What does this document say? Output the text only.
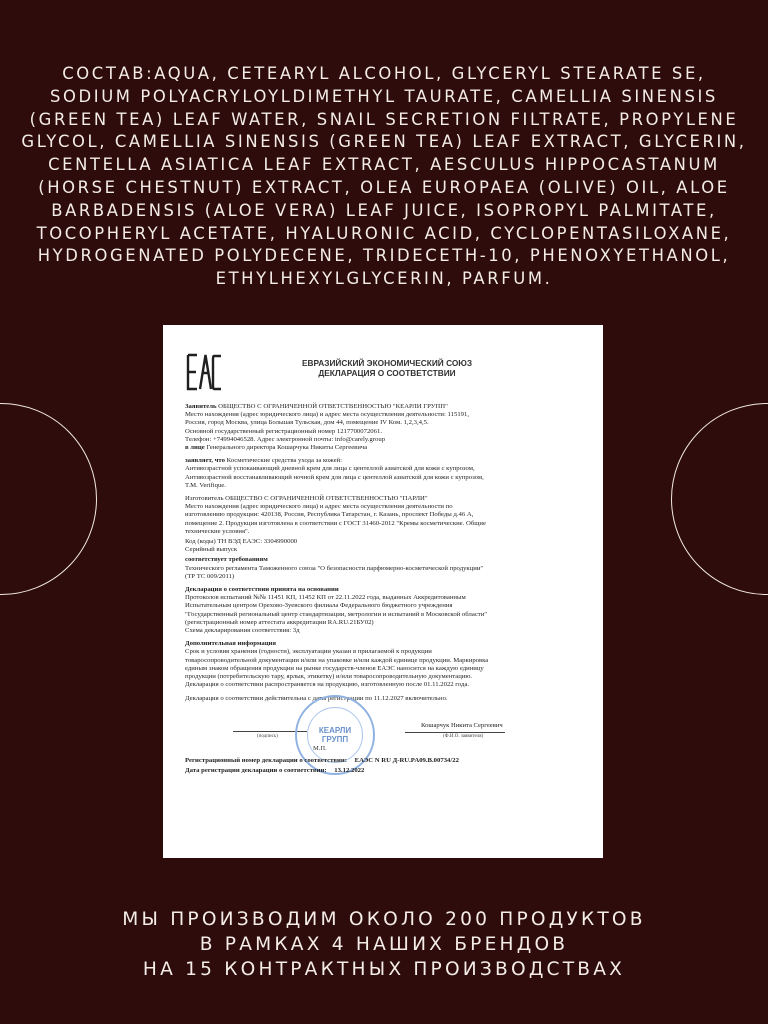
СОСТАВ:AQUA, CETEARYL ALCOHOL, GLYCERYL STEARATE SE, SODIUM POLYACRYLOYLDIMETHYL TAURATE, CAMELLIA SINENSIS (GREEN TEA) LEAF WATER, SNAIL SECRETION FILTRATE, PROPYLENE GLYCOL, CAMELLIA SINENSIS (GREEN TEA) LEAF EXTRACT, GLYCERIN, CENTELLA ASIATICA LEAF EXTRACT, AESCULUS HIPPOCASTANUM (HORSE CHESTNUT) EXTRACT, OLEA EUROPAEA (OLIVE) OIL, ALOE BARBADENSIS (ALOE VERA) LEAF JUICE, ISOPROPYL PALMITATE, TOCOPHERYL ACETATE, HYALURONIC ACID, CYCLOPENTASILOXANE, HYDROGENATED POLYDECENE, TRIDECETH-10, PHENOXYETHANOL, ETHYLHEXYLGLYCERIN, PARFUM.
ЕВРАЗИЙСКИЙ ЭКОНОМИЧЕСКИЙ СОЮЗ
ДЕКЛАРАЦИЯ О СООТВЕТСТВИИ
Заявитель ОБЩЕСТВО С ОГРАНИЧЕННОЙ ОТВЕТСТВЕННОСТЬЮ "КЕАРЛИ ГРУПП"
Место нахождения (адрес юридического лица) и адрес места осуществления деятельности: 115191,
Россия, город Москва, улица Большая Тульская, дом 44, помещение IV Ком. 1,2,3,4,5.
Основной государственный регистрационный номер 1217700072061.
Телефон: +74994046528. Адрес электронной почты: info@carely.group
в лице Генерального директора Кошарчука Никиты Сергеевича
заявляет, что Косметические средства ухода за кожей:
Антивозрастной успокаивающий дневной крем для лица с центеллой азиатской для кожи с купрозом,
Антивозрастной восстанавливающий ночной крем для лица с центеллой азиатской для кожи с купрозом,
Т.М. Verifique.
Изготовитель ОБЩЕСТВО С ОГРАНИЧЕННОЙ ОТВЕТСТВЕННОСТЬЮ "ПАРЛИ"
Место нахождения (адрес юридического лица) и адрес места осуществления деятельности по
изготовлению продукции: 420138, Россия, Республика Татарстан, г. Казань, проспект Победы д.46 А,
помещение 2. Продукция изготовлена в соответствии с ГОСТ 31460-2012 "Кремы косметические. Общие
технические условия".
Код (коды) ТН ВЭД ЕАЭС: 3304990000
Серийный выпуск
соответствует требованиям
Технического регламента Таможенного союза "О безопасности парфюмерно-косметической продукции"
(ТР ТС 009/2011)
Декларация о соответствии принята на основании
Протоколов испытаний №№ 11451 КП, 11452 КП от 22.11.2022 года, выданных Аккредитованным
Испытательным центром Орехово-Зуевского филиала Федерального бюджетного учреждения
"Государственный региональный центр стандартизации, метрологии и испытаний в Московской области"
(регистрационный номер аттестата аккредитации RA.RU.21БУ02)
Схема декларирования соответствия: 3д
Дополнительная информация
Срок и условия хранения (годности), эксплуатации указан в прилагаемой к продукции
товаросопроводительной документации и/или на упаковке и/или каждой единице продукции. Маркировка
единым знаком обращения продукции на рынке государств-членов ЕАЭС наносится на каждую единицу
продукции (потребительскую тару, ярлык, этикетку) и/или товаросопроводительную документацию.
Декларация о соответствии распространяется на продукцию, изготовленную после 01.11.2022 года.
Декларация о соответствии действительна с даты регистрации по 11.12.2027 включительно.
(подпись)
КЕАРЛИ ГРУПП
Кошарчук Никита Сергеевич
(Ф.И.О. заявителя)
М.П.
Регистрационный номер декларации о соответствии: ЕАЭС N RU Д-RU.PA09.B.00734/22
Дата регистрации декларации о соответствии: 13.12.2022
МЫ ПРОИЗВОДИМ ОКОЛО 200 ПРОДУКТОВ
В РАМКАХ 4 НАШИХ БРЕНДОВ
НА 15 КОНТРАКТНЫХ ПРОИЗВОДСТВАХ
